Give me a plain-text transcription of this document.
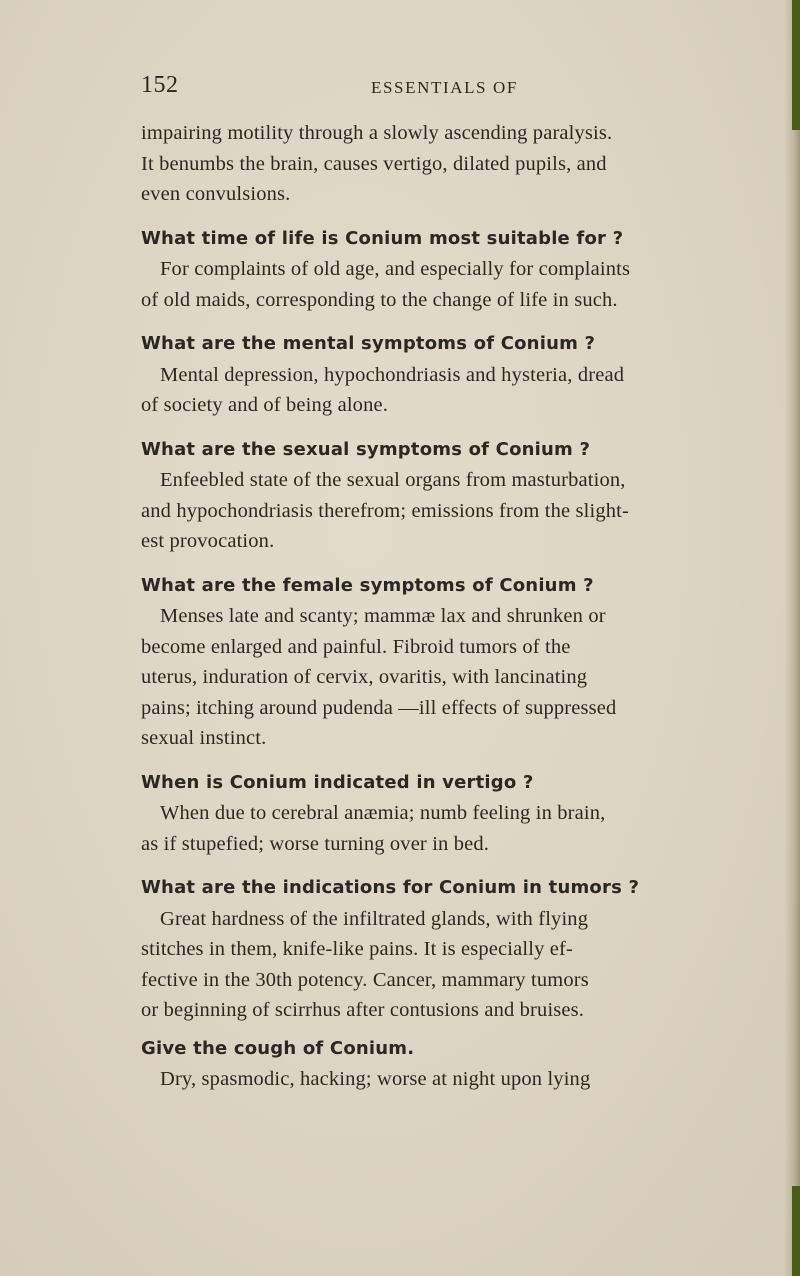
152	ESSENTIALS OF
impairing motility through a slowly ascending paralysis.
It benumbs the brain, causes vertigo, dilated pupils, and
even convulsions.
What time of life is Conium most suitable for ?
For complaints of old age, and especially for complaints
of old maids, corresponding to the change of life in such.
What are the mental symptoms of Conium ?
Mental depression, hypochondriasis and hysteria, dread
of society and of being alone.
What are the sexual symptoms of Conium ?
Enfeebled state of the sexual organs from masturbation,
and hypochondriasis therefrom; emissions from the slight-
est provocation.
What are the female symptoms of Conium ?
Menses late and scanty; mammæ lax and shrunken or
become enlarged and painful. Fibroid tumors of the
uterus, induration of cervix, ovaritis, with lancinating
pains; itching around pudenda —ill effects of suppressed
sexual instinct.
When is Conium indicated in vertigo ?
When due to cerebral anæmia; numb feeling in brain,
as if stupefied; worse turning over in bed.
What are the indications for Conium in tumors ?
Great hardness of the infiltrated glands, with flying
stitches in them, knife-like pains. It is especially ef-
fective in the 30th potency. Cancer, mammary tumors
or beginning of scirrhus after contusions and bruises.
Give the cough of Conium.
Dry, spasmodic, hacking; worse at night upon lying
